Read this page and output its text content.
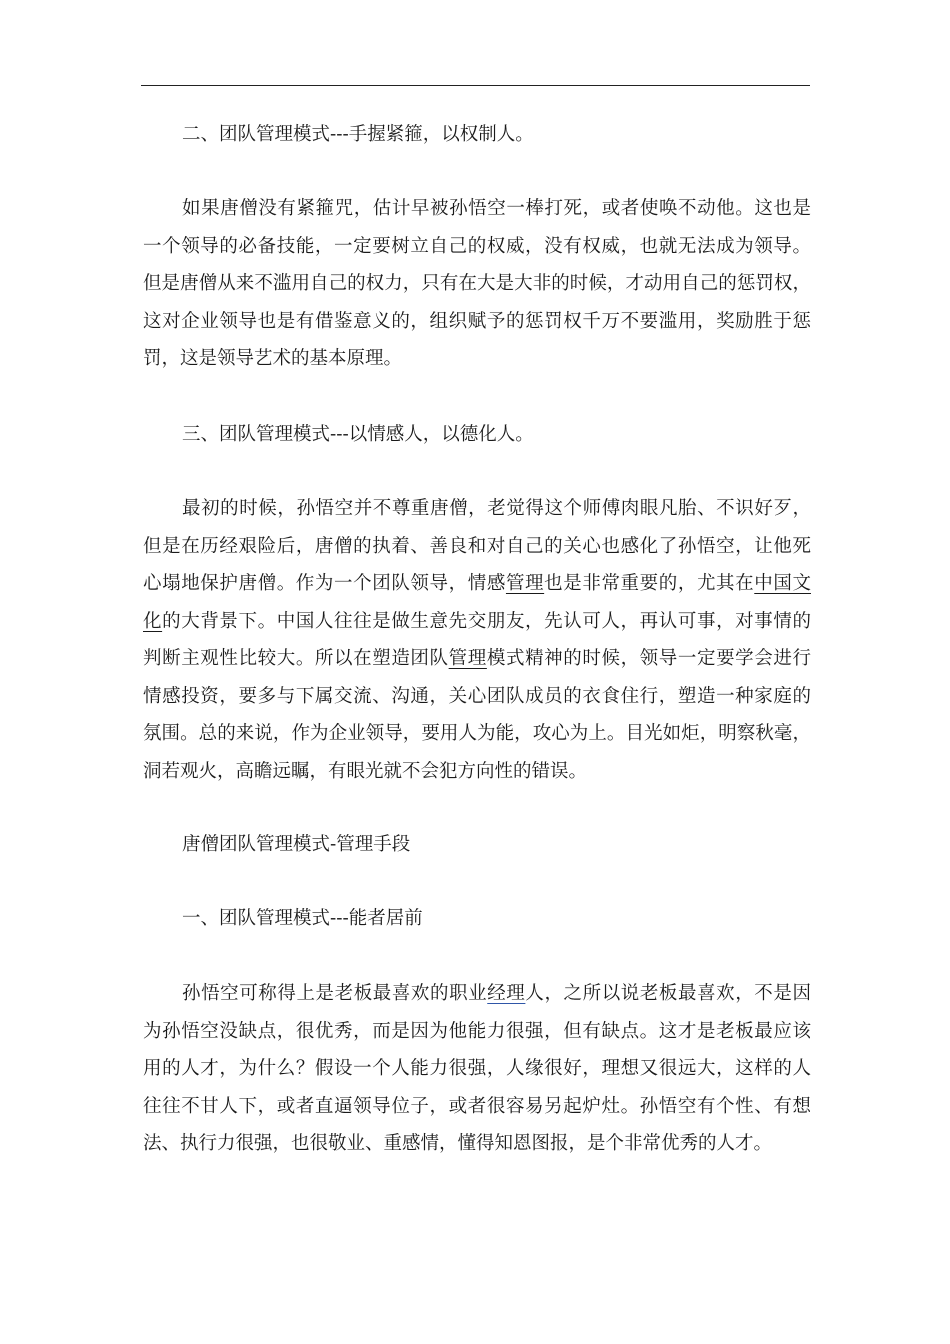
二、团队管理模式---手握紧箍，以权制人。
如果唐僧没有紧箍咒，估计早被孙悟空一棒打死，或者使唤不动他。这也是
一个领导的必备技能，一定要树立自己的权威，没有权威，也就无法成为领导。
但是唐僧从来不滥用自己的权力，只有在大是大非的时候，才动用自己的惩罚权，
这对企业领导也是有借鉴意义的，组织赋予的惩罚权千万不要滥用，奖励胜于惩
罚，这是领导艺术的基本原理。
三、团队管理模式---以情感人，以德化人。
最初的时候，孙悟空并不尊重唐僧，老觉得这个师傅肉眼凡胎、不识好歹，
但是在历经艰险后，唐僧的执着、善良和对自己的关心也感化了孙悟空，让他死
心塌地保护唐僧。作为一个团队领导，情感管理也是非常重要的，尤其在中国文
化的大背景下。中国人往往是做生意先交朋友，先认可人，再认可事，对事情的
判断主观性比较大。所以在塑造团队管理模式精神的时候，领导一定要学会进行
情感投资，要多与下属交流、沟通，关心团队成员的衣食住行，塑造一种家庭的
氛围。总的来说，作为企业领导，要用人为能，攻心为上。目光如炬，明察秋毫，
洞若观火，高瞻远瞩，有眼光就不会犯方向性的错误。
唐僧团队管理模式-管理手段
一、团队管理模式---能者居前
孙悟空可称得上是老板最喜欢的职业经理人，之所以说老板最喜欢，不是因
为孙悟空没缺点，很优秀，而是因为他能力很强，但有缺点。这才是老板最应该
用的人才，为什么？假设一个人能力很强，人缘很好，理想又很远大，这样的人
往往不甘人下，或者直逼领导位子，或者很容易另起炉灶。孙悟空有个性、有想
法、执行力很强，也很敬业、重感情，懂得知恩图报，是个非常优秀的人才。
